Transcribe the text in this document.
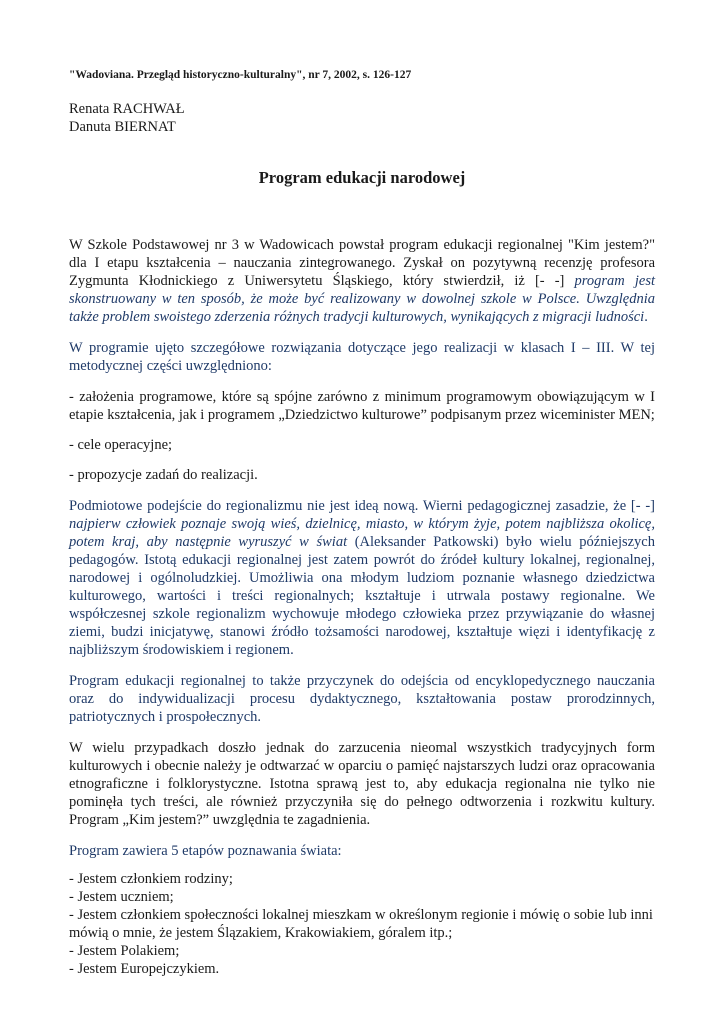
"Wadoviana. Przegląd historyczno-kulturalny", nr 7, 2002, s. 126-127
Renata RACHWAŁ
Danuta BIERNAT
Program edukacji narodowej

W Szkole Podstawowej nr 3 w Wadowicach powstał program edukacji regionalnej "Kim jestem?" dla I etapu kształcenia – nauczania zintegrowanego. Zyskał on pozytywną recenzję profesora Zygmunta Kłodnickiego z Uniwersytetu Śląskiego, który stwierdził, iż [- -] program jest skonstruowany w ten sposób, że może być realizowany w dowolnej szkole w Polsce. Uwzględnia także problem swoistego zderzenia różnych tradycji kulturowych, wynikających z migracji ludności.

W programie ujęto szczegółowe rozwiązania dotyczące jego realizacji w klasach I – III. W tej metodycznej części uwzględniono:

- założenia programowe, które są spójne zarówno z minimum programowym obowiązującym w I etapie kształcenia, jak i programem „Dziedzictwo kulturowe” podpisanym przez wiceminister MEN;

- cele operacyjne;

- propozycje zadań do realizacji.

Podmiotowe podejście do regionalizmu nie jest ideą nową. Wierni pedagogicznej zasadzie, że [- -] najpierw człowiek poznaje swoją wieś, dzielnicę, miasto, w którym żyje, potem najbliższa okolicę, potem kraj, aby następnie wyruszyć w świat (Aleksander Patkowski) było wielu późniejszych pedagogów. Istotą edukacji regionalnej jest zatem powrót do źródeł kultury lokalnej, regionalnej, narodowej i ogólnoludzkiej. Umożliwia ona młodym ludziom poznanie własnego dziedzictwa kulturowego, wartości i treści regionalnych; kształtuje i utrwala postawy regionalne. We współczesnej szkole regionalizm wychowuje młodego człowieka przez przywiązanie do własnej ziemi, budzi inicjatywę, stanowi źródło tożsamości narodowej, kształtuje więzi i identyfikację z najbliższym środowiskiem i regionem.

Program edukacji regionalnej to także przyczynek do odejścia od encyklopedycznego nauczania oraz do indywidualizacji procesu dydaktycznego, kształtowania postaw prorodzinnych, patriotycznych i prospołecznych.

W wielu przypadkach doszło jednak do zarzucenia nieomal wszystkich tradycyjnych form kulturowych i obecnie należy je odtwarzać w oparciu o pamięć najstarszych ludzi oraz opracowania etnograficzne i folklorystyczne. Istotna sprawą jest to, aby edukacja regionalna nie tylko nie pominęła tych treści, ale również przyczyniła się do pełnego odtworzenia i rozkwitu kultury. Program „Kim jestem?” uwzględnia te zagadnienia.

Program zawiera 5 etapów poznawania świata:

- Jestem członkiem rodziny;

- Jestem uczniem;

- Jestem członkiem społeczności lokalnej mieszkam w określonym regionie i mówię o sobie lub inni mówią o mnie, że jestem Ślązakiem, Krakowiakiem, góralem itp.;

- Jestem Polakiem;

- Jestem Europejczykiem.
